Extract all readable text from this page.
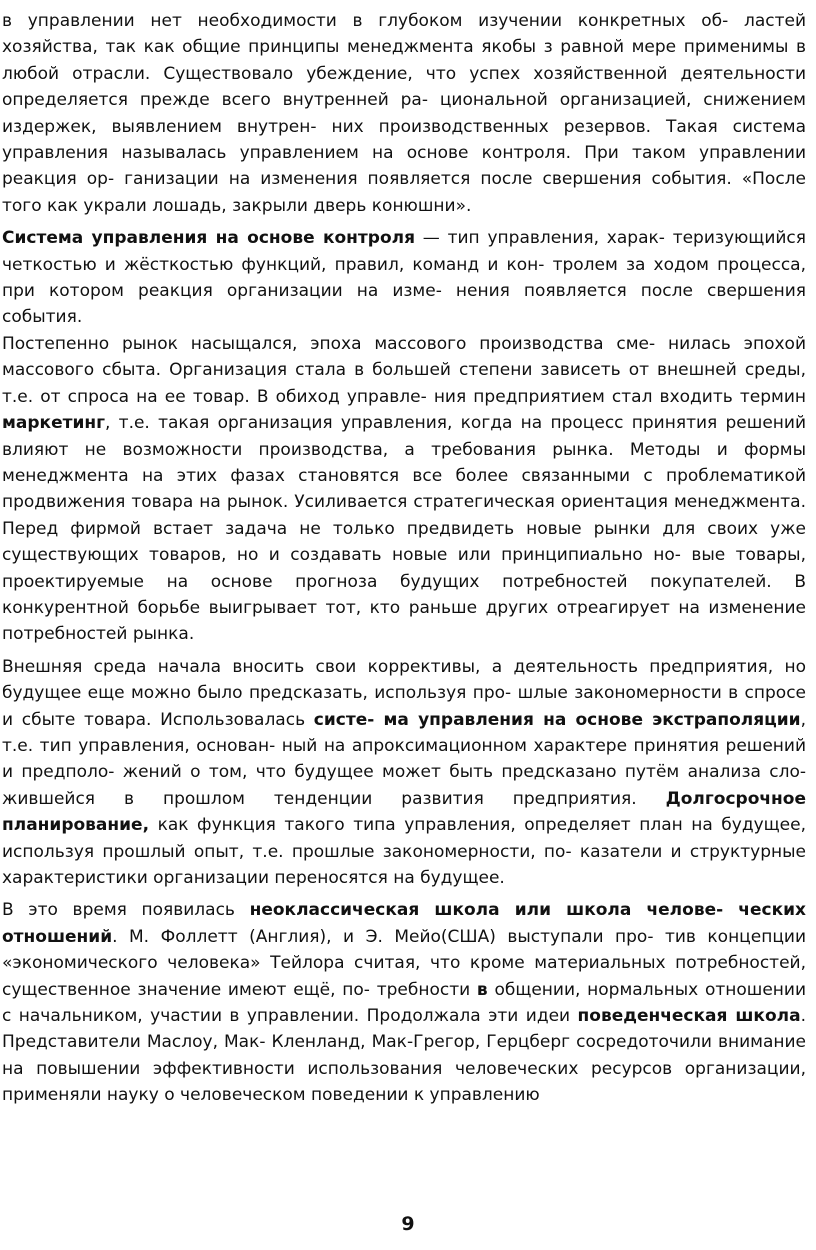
в управлении нет необходимости в глубоком изучении конкретных об- ластей хозяйства, так как общие принципы менеджмента якобы з равной мере применимы в любой отрасли. Существовало убеждение, что успех хозяйственной деятельности определяется прежде всего внутренней ра- циональной организацией, снижением издержек, выявлением внутрен- них производственных резервов. Такая система управления называлась управлением на основе контроля. При таком управлении реакция ор- ганизации на изменения появляется после свершения события. «После того как украли лошадь, закрыли дверь конюшни».

Система управления на основе контроля — тип управления, харак- теризующийся четкостью и жёсткостью функций, правил, команд и кон- тролем за ходом процесса, при котором реакция организации на изме- нения появляется после свершения события.

Постепенно рынок насыщался, эпоха массового производства сме- нилась эпохой массового сбыта. Организация стала в большей степени зависеть от внешней среды, т.е. от спроса на ее товар. В обиход управле- ния предприятием стал входить термин маркетинг, т.е. такая организация управления, когда на процесс принятия решений влияют не возможности производства, а требования рынка. Методы и формы менеджмента на этих фазах становятся все более связанными с проблематикой продвижения товара на рынок. Усиливается стратегическая ориентация менеджмента. Перед фирмой встает задача не только предвидеть новые рынки для своих уже существующих товаров, но и создавать новые или принципиально но- вые товары, проектируемые на основе прогноза будущих потребностей покупателей. В конкурентной борьбе выигрывает тот, кто раньше других отреагирует на изменение потребностей рынка.

Внешняя среда начала вносить свои коррективы, а деятельность предприятия, но будущее еще можно было предсказать, используя про- шлые закономерности в спросе и сбыте товара. Использовалась систе- ма управления на основе экстраполяции, т.е. тип управления, основан- ный на апроксимационном характере принятия решений и предполо- жений о том, что будущее может быть предсказано путём анализа сло- жившейся в прошлом тенденции развития предприятия. Долгосрочное планирование, как функция такого типа управления, определяет план на будущее, используя прошлый опыт, т.е. прошлые закономерности, по- казатели и структурные характеристики организации переносятся на будущее.

В это время появилась неоклассическая школа или школа челове- ческих отношений. М. Фоллетт (Англия), и Э. Мейо(США) выступали про- тив концепции «экономического человека» Тейлора считая, что кроме материальных потребностей, существенное значение имеют ещё, по- требности в общении, нормальных отношении с начальником, участии в управлении. Продолжала эти идеи поведенческая школа. Представители Маслоу, Мак- Кленланд, Мак-Грегор, Герцберг сосредоточили внимание на повышении эффективности использования человеческих ресурсов организации, применяли науку о человеческом поведении к управлению

9
